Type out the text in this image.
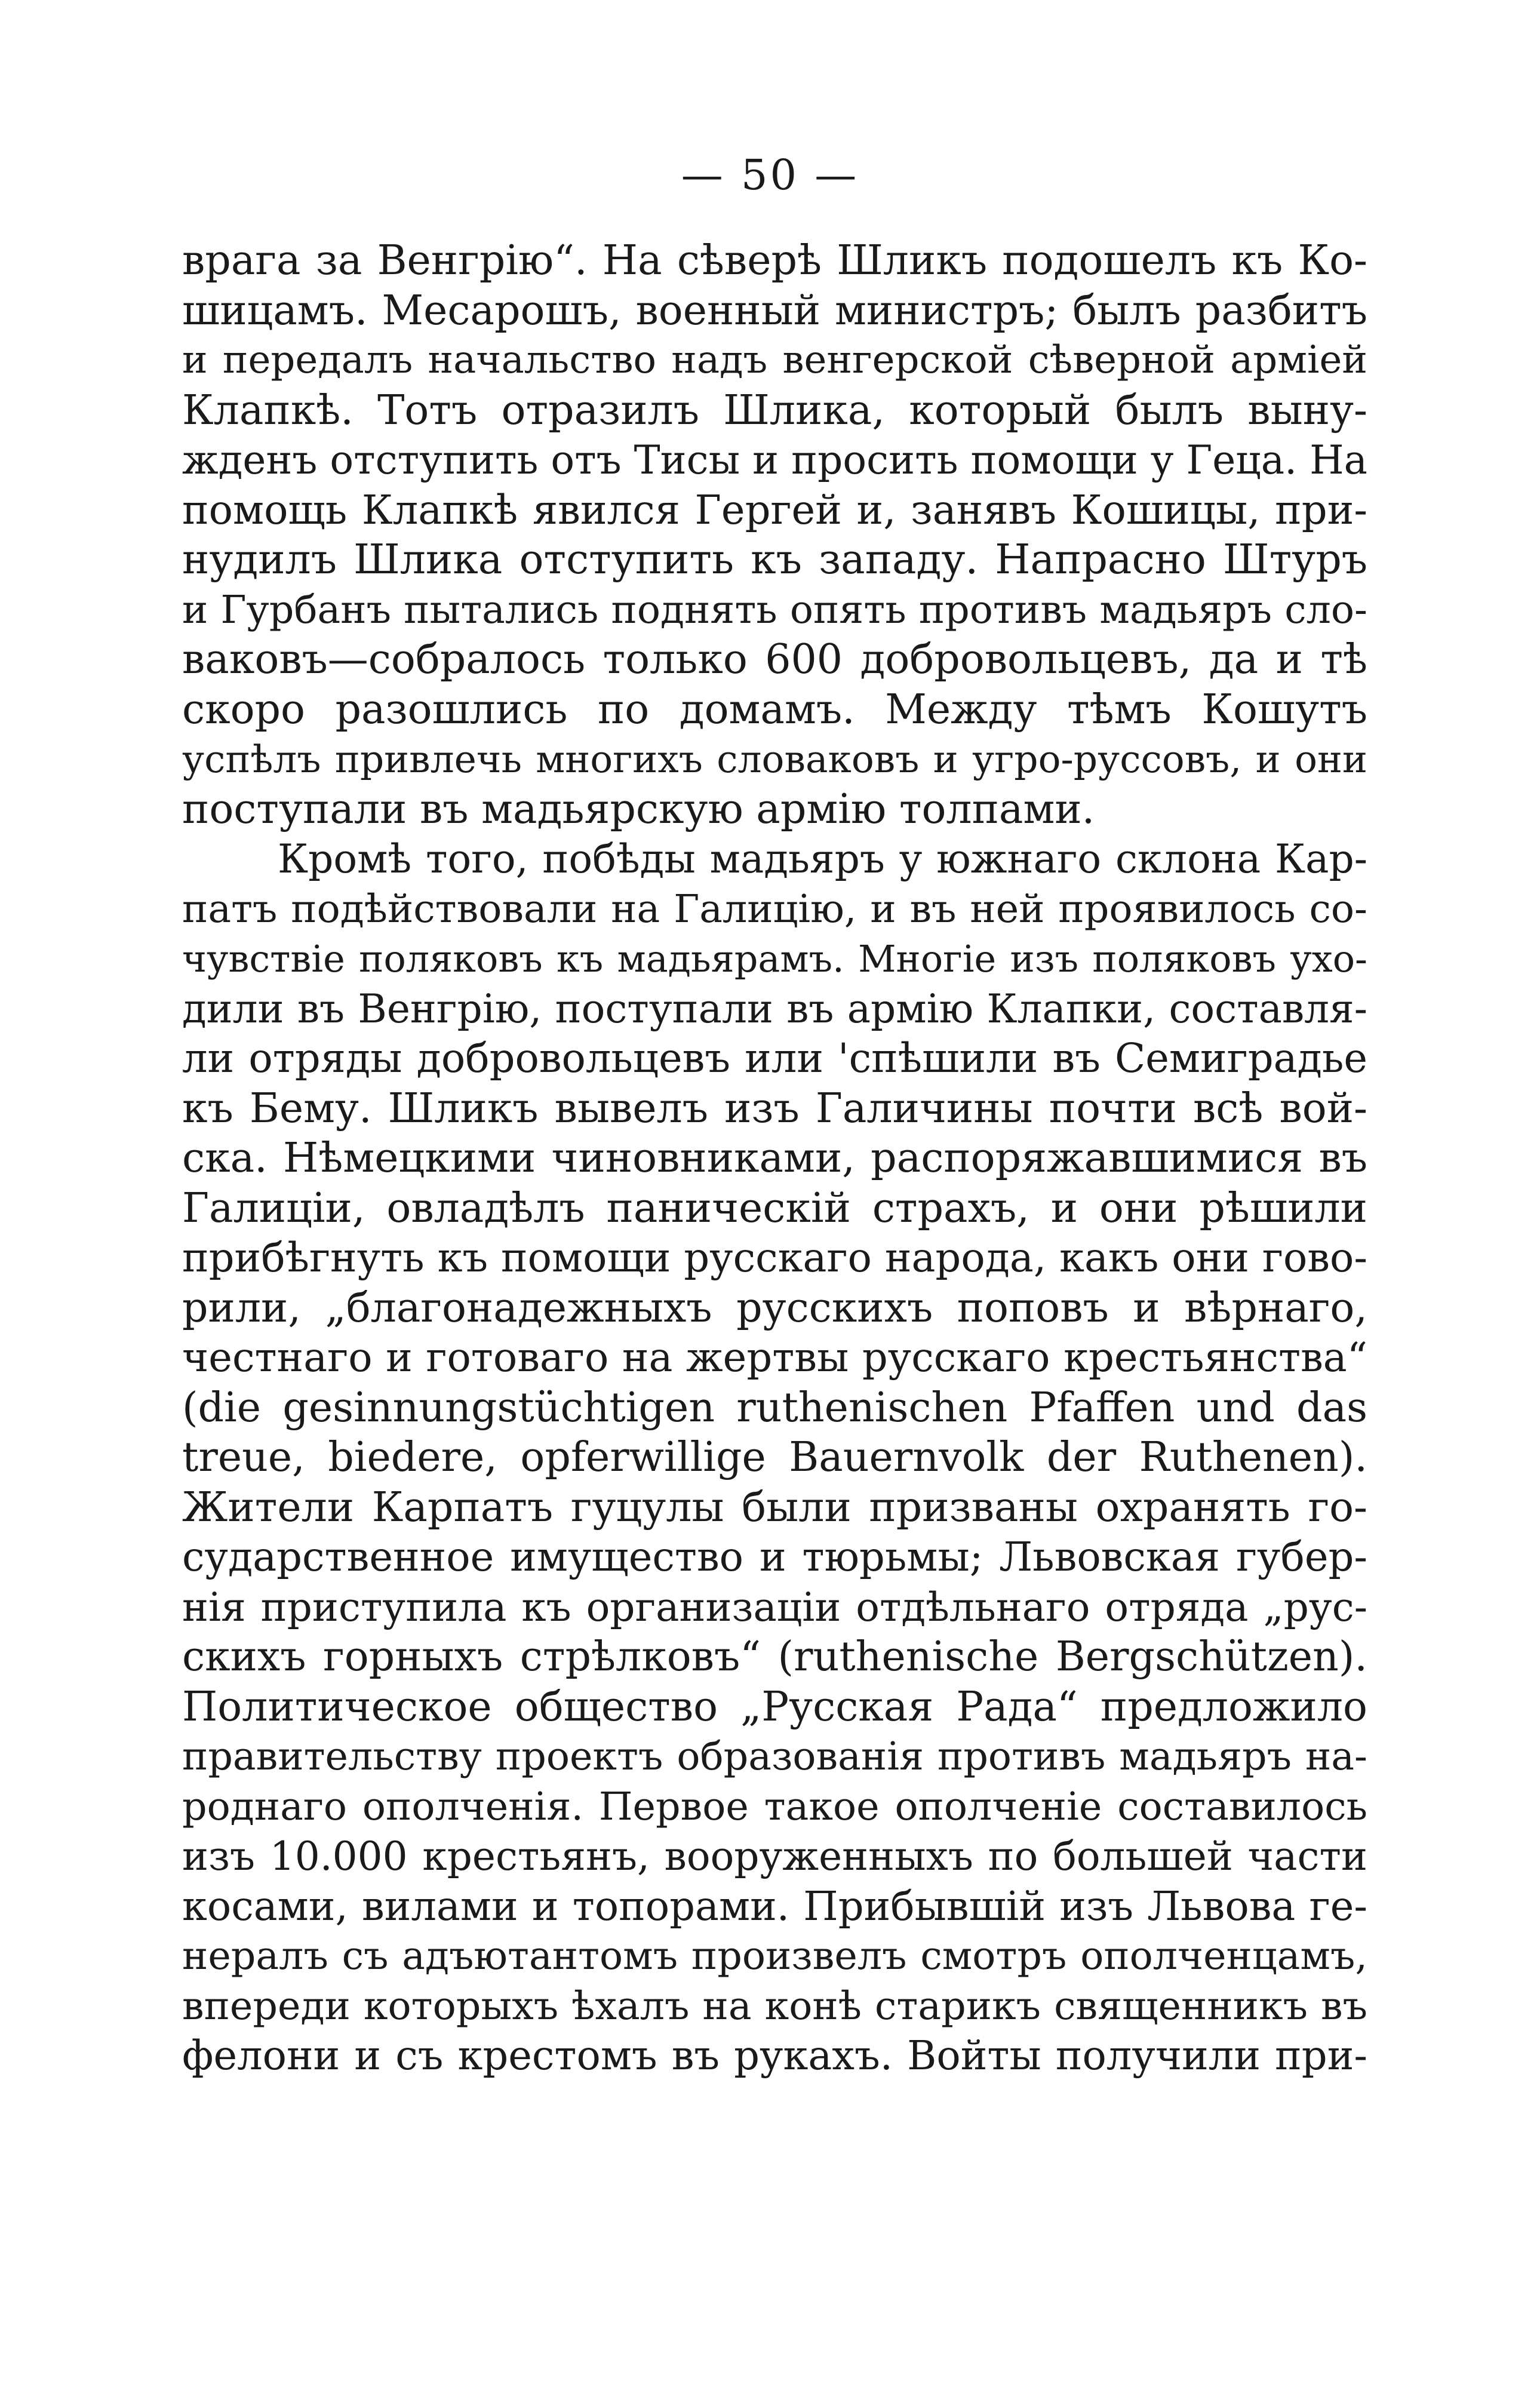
— 50 —
врага за Венгрію“. На сѣверѣ Шликъ подошелъ къ Ко-
шицамъ. Месарошъ, военный министръ; былъ разбитъ
и передалъ начальство надъ венгерской сѣверной арміей
Клапкѣ. Тотъ отразилъ Шлика, который былъ выну-
жденъ отступить отъ Тисы и просить помощи у Геца. На
помощь Клапкѣ явился Гергей и, занявъ Кошицы, при-
нудилъ Шлика отступить къ западу. Напрасно Штуръ
и Гурбанъ пытались поднять опять противъ мадьяръ сло-
ваковъ—собралось только 600 добровольцевъ, да и тѣ
скоро разошлись по домамъ. Между тѣмъ Кошутъ
успѣлъ привлечь многихъ словаковъ и угро-руссовъ, и они
поступали въ мадьярскую армію толпами.
Кромѣ того, побѣды мадьяръ у южнаго склона Кар-
патъ подѣйствовали на Галицію, и въ ней проявилось со-
чувствіе поляковъ къ мадьярамъ. Многіе изъ поляковъ ухо-
дили въ Венгрію, поступали въ армію Клапки, составля-
ли отряды добровольцевъ или 'спѣшили въ Семиградье
къ Бему. Шликъ вывелъ изъ Галичины почти всѣ вой-
ска. Нѣмецкими чиновниками, распоряжавшимися въ
Галиціи, овладѣлъ паническій страхъ, и они рѣшили
прибѣгнуть къ помощи русскаго народа, какъ они гово-
рили, „благонадежныхъ русскихъ поповъ и вѣрнаго,
честнаго и готоваго на жертвы русскаго крестьянства“
(die gesinnungstüchtigen ruthenischen Pfaffen und das
treue, biedere, opferwillige Bauernvolk der Ruthenen).
Жители Карпатъ гуцулы были призваны охранять го-
сударственное имущество и тюрьмы; Львовская губер-
нія приступила къ организаціи отдѣльнаго отряда „рус-
скихъ горныхъ стрѣлковъ“ (ruthenische Bergschützen).
Политическое общество „Русская Рада“ предложило
правительству проектъ образованія противъ мадьяръ на-
роднаго ополченія. Первое такое ополченіе составилось
изъ 10.000 крестьянъ, вооруженныхъ по большей части
косами, вилами и топорами. Прибывшій изъ Львова ге-
нералъ съ адъютантомъ произвелъ смотръ ополченцамъ,
впереди которыхъ ѣхалъ на конѣ старикъ священникъ въ
фелони и съ крестомъ въ рукахъ. Войты получили при-
